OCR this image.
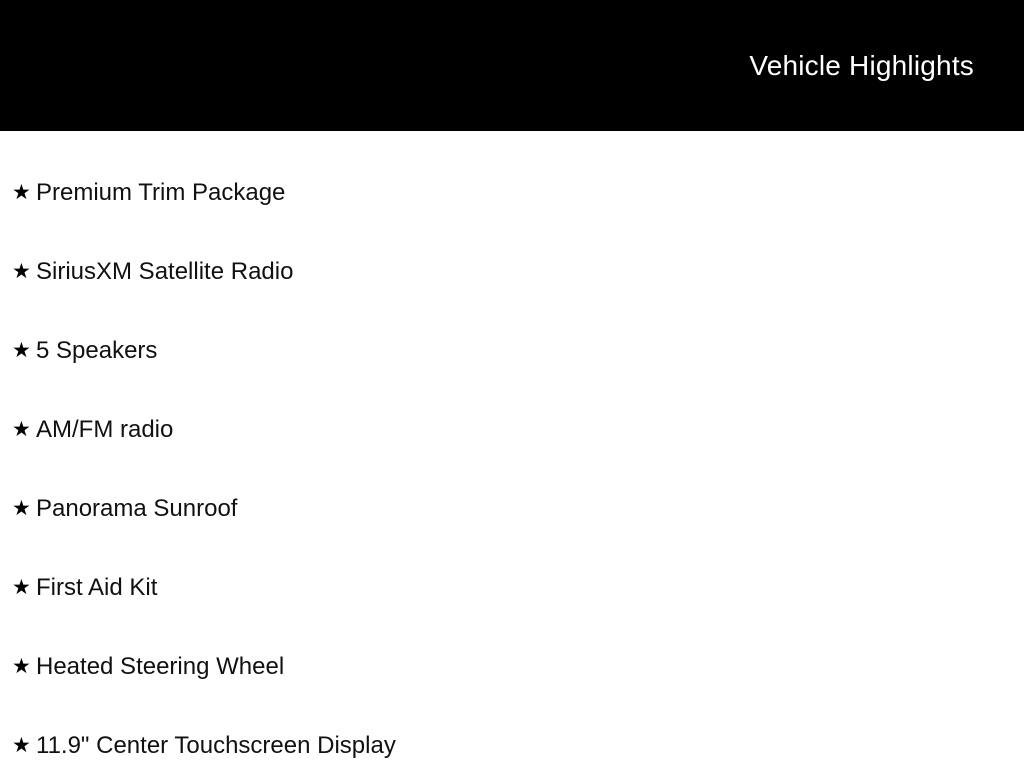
Vehicle Highlights
★ Premium Trim Package
★ SiriusXM Satellite Radio
★ 5 Speakers
★ AM/FM radio
★ Panorama Sunroof
★ First Aid Kit
★ Heated Steering Wheel
★ 11.9" Center Touchscreen Display
